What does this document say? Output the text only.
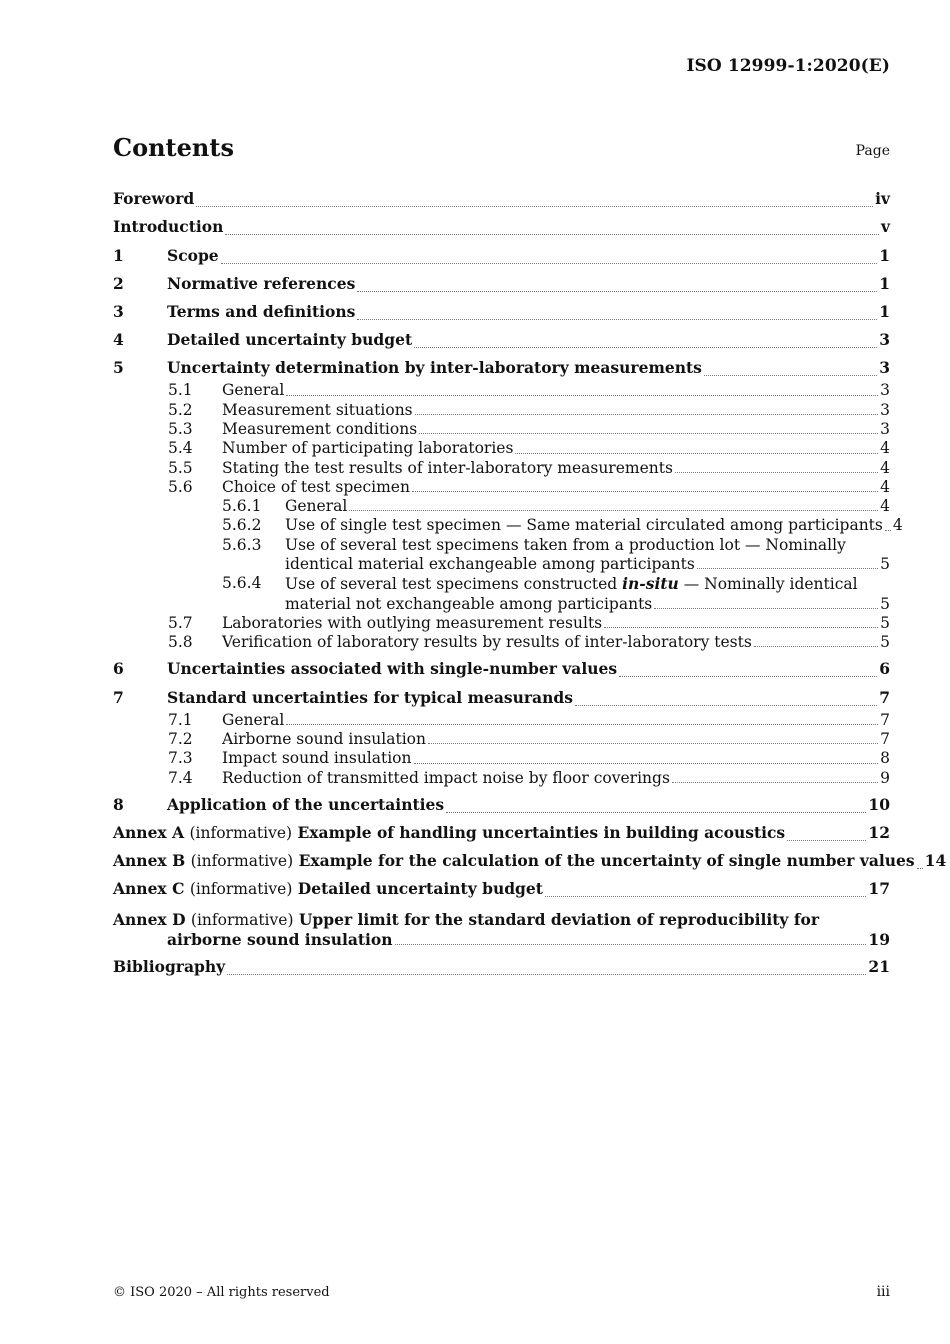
ISO 12999-1:2020(E)
Contents	Page
Foreword	iv
Introduction	v
1	Scope	1
2	Normative references	1
3	Terms and definitions	1
4	Detailed uncertainty budget	3
5	Uncertainty determination by inter-laboratory measurements	3
5.1 General	3
5.2 Measurement situations	3
5.3 Measurement conditions	3
5.4 Number of participating laboratories	4
5.5 Stating the test results of inter-laboratory measurements	4
5.6 Choice of test specimen	4
5.6.1 General	4
5.6.2 Use of single test specimen — Same material circulated among participants 4
5.6.3 Use of several test specimens taken from a production lot — Nominally
identical material exchangeable among participants	5
5.6.4 Use of several test specimens constructed in-situ — Nominally identical
material not exchangeable among participants	5
5.7 Laboratories with outlying measurement results	5
5.8 Verification of laboratory results by results of inter-laboratory tests	5
6	Uncertainties associated with single-number values	6
7	Standard uncertainties for typical measurands	7
7.1 General	7
7.2 Airborne sound insulation	7
7.3 Impact sound insulation	8
7.4 Reduction of transmitted impact noise by floor coverings	9
8	Application of the uncertainties	10
Annex A (informative) Example of handling uncertainties in building acoustics	12
Annex B (informative) Example for the calculation of the uncertainty of single number values 14
Annex C (informative) Detailed uncertainty budget	17
Annex D (informative) Upper limit for the standard deviation of reproducibility for
airborne sound insulation	19
Bibliography	21
© ISO 2020 – All rights reserved	iii
